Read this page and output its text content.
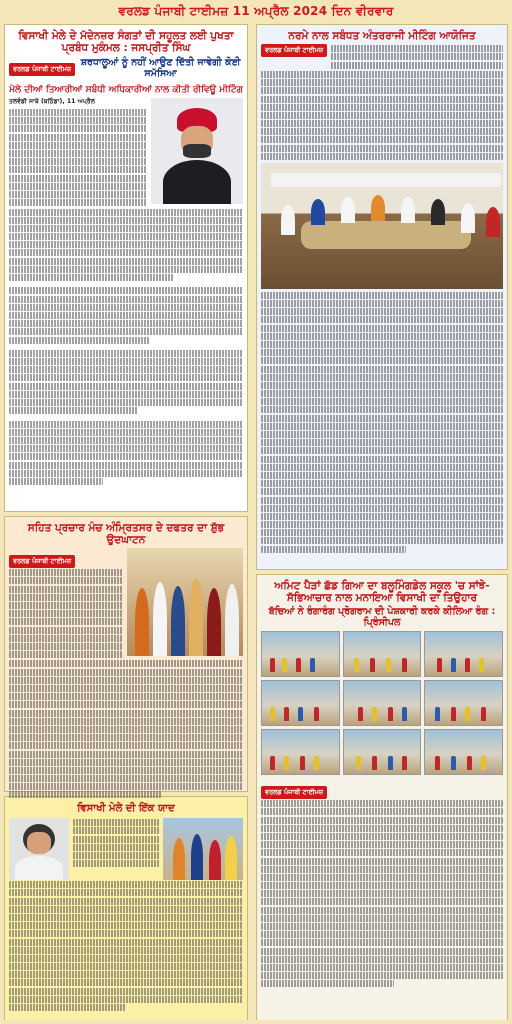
ਵਰਲਡ ਪੰਜਾਬੀ ਟਾਈਮਜ਼ 11 ਅਪ੍ਰੈਲ 2024 ਦਿਨ ਵੀਰਵਾਰ
ਵਿਸਾਖੀ ਮੇਲੇ ਦੇ ਮੱਦੇਨਜ਼ਰ ਸੰਗਤਾਂ ਦੀ ਸਹੂਲਤ ਲਈ ਪੁਖਤਾ ਪ੍ਰਬੰਧ ਮੁਕੰਮਲ : ਜਸਪ੍ਰੀਤ ਸਿੰਘ
ਵਰਲਡ ਪੰਜਾਬੀ ਟਾਈਮਜ਼
ਸ਼ਰਧਾਲੂਆਂ ਨੂੰ ਨਹੀਂ ਆਉਣ ਦਿੱਤੀ ਜਾਵੇਗੀ ਕੋਈ ਸਮੱਸਿਆ
ਮੇਲੇ ਦੀਆਂ ਤਿਆਰੀਆਂ ਸਬੰਧੀ ਅਧਿਕਾਰੀਆਂ ਨਾਲ ਕੀਤੀ ਰੀਵਿਊ ਮੀਟਿੰਗ
ਤਲਵੰਡੀ ਸਾਬੋ (ਬਠਿੰਡਾ), 11 ਅਪ੍ਰੈਲ
ਸਹਿਤ ਪ੍ਰਚਾਰ ਮੰਚ ਅੰਮ੍ਰਿਤਸਰ ਦੇ ਦਫਤਰ ਦਾ ਸ਼ੁੱਭ ਉਦਘਾਟਨ
ਵਰਲਡ ਪੰਜਾਬੀ ਟਾਈਮਜ਼
ਵਿਸਾਖੀ ਮੇਲੇ ਦੀ ਇੱਕ ਯਾਦ
ਨਰਮੇ ਨਾਲ ਸਬੰਧਤ ਅੰਤਰਰਾਜੀ ਮੀਟਿੰਗ ਆਯੋਜਿਤ
ਵਰਲਡ ਪੰਜਾਬੀ ਟਾਈਮਜ਼
ਅਮਿਟ ਪੈੜਾਂ ਛੱਡ ਗਿਆ ਦਾ ਬਲੂਮਿੰਗਡੇਲ ਸਕੂਲ 'ਚ ਸਾਂਝੇ-ਸੱਭਿਆਚਾਰ ਨਾਲ ਮਨਾਇਆ ਵਿਸਾਖੀ ਦਾ ਤਿਉਹਾਰ
ਬੱਚਿਆਂ ਨੇ ਰੰਗਾਰੰਗ ਪ੍ਰੋਗਰਾਮ ਦੀ ਪੇਸ਼ਕਾਰੀ ਕਰਕੇ ਕੀਲਿਆ ਰੰਗ : ਪ੍ਰਿੰਸੀਪਲ
ਵਰਲਡ ਪੰਜਾਬੀ ਟਾਈਮਜ਼
